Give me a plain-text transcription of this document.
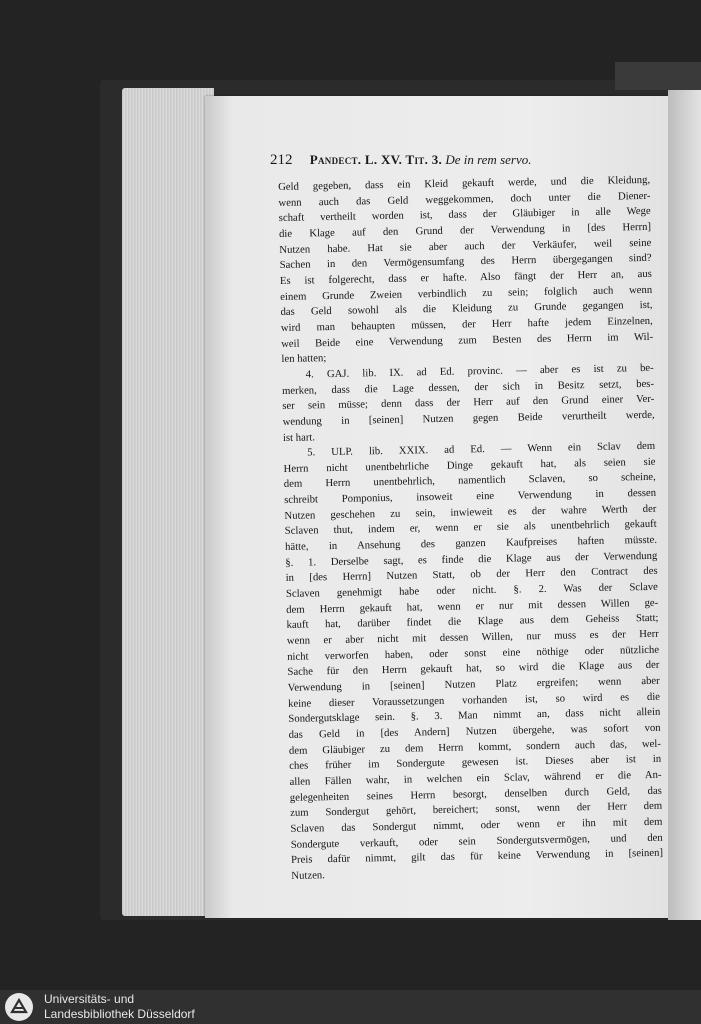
212 Pandect. L. XV. Tit. 3. De in rem servo.
Geld gegeben, dass ein Kleid gekauft werde, und die Kleidung,
wenn auch das Geld weggekommen, doch unter die Diener-
schaft vertheilt worden ist, dass der Gläubiger in alle Wege
die Klage auf den Grund der Verwendung in [des Herrn]
Nutzen habe. Hat sie aber auch der Verkäufer, weil seine
Sachen in den Vermögensumfang des Herrn übergegangen sind?
Es ist folgerecht, dass er hafte. Also fängt der Herr an, aus
einem Grunde Zweien verbindlich zu sein; folglich auch wenn
das Geld sowohl als die Kleidung zu Grunde gegangen ist,
wird man behaupten müssen, der Herr hafte jedem Einzelnen,
weil Beide eine Verwendung zum Besten des Herrn im Wil-
len hatten;
4. GAJ. lib. IX. ad Ed. provinc. — aber es ist zu be-
merken, dass die Lage dessen, der sich in Besitz setzt, bes-
ser sein müsse; denn dass der Herr auf den Grund einer Ver-
wendung in [seinen] Nutzen gegen Beide verurtheilt werde,
ist hart.
5. ULP. lib. XXIX. ad Ed. — Wenn ein Sclav dem
Herrn nicht unentbehrliche Dinge gekauft hat, als seien sie
dem Herrn unentbehrlich, namentlich Sclaven, so scheine,
schreibt Pomponius, insoweit eine Verwendung in dessen
Nutzen geschehen zu sein, inwieweit es der wahre Werth der
Sclaven thut, indem er, wenn er sie als unentbehrlich gekauft
hätte, in Ansehung des ganzen Kaufpreises haften müsste.
§. 1. Derselbe sagt, es finde die Klage aus der Verwendung
in [des Herrn] Nutzen Statt, ob der Herr den Contract des
Sclaven genehmigt habe oder nicht. §. 2. Was der Sclave
dem Herrn gekauft hat, wenn er nur mit dessen Willen ge-
kauft hat, darüber findet die Klage aus dem Geheiss Statt;
wenn er aber nicht mit dessen Willen, nur muss es der Herr
nicht verworfen haben, oder sonst eine nöthige oder nützliche
Sache für den Herrn gekauft hat, so wird die Klage aus der
Verwendung in [seinen] Nutzen Platz ergreifen; wenn aber
keine dieser Voraussetzungen vorhanden ist, so wird es die
Sondergutsklage sein. §. 3. Man nimmt an, dass nicht allein
das Geld in [des Andern] Nutzen übergehe, was sofort von
dem Gläubiger zu dem Herrn kommt, sondern auch das, wel-
ches früher im Sondergute gewesen ist. Dieses aber ist in
allen Fällen wahr, in welchen ein Sclav, während er die An-
gelegenheiten seines Herrn besorgt, denselben durch Geld, das
zum Sondergut gehört, bereichert; sonst, wenn der Herr dem
Sclaven das Sondergut nimmt, oder wenn er ihn mit dem
Sondergute verkauft, oder sein Sondergutsvermögen, und den
Preis dafür nimmt, gilt das für keine Verwendung in [seinen]
Nutzen.
Universitäts- und
Landesbibliothek Düsseldorf
